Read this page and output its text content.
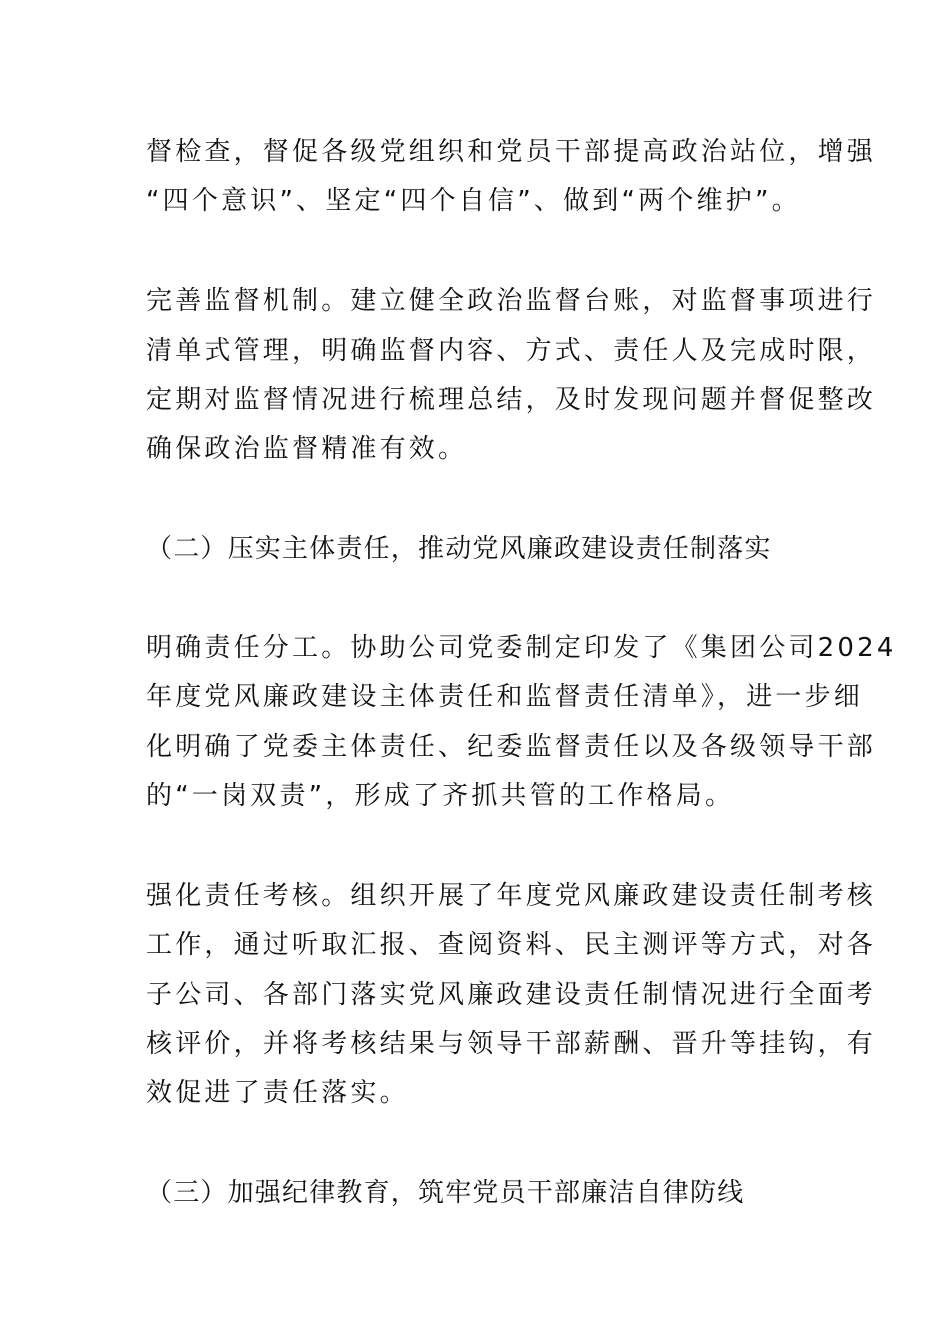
督检查，督促各级党组织和党员干部提高政治站位，增强
“四个意识”、坚定“四个自信”、做到“两个维护”。
完善监督机制。建立健全政治监督台账，对监督事项进行
清单式管理，明确监督内容、方式、责任人及完成时限，
定期对监督情况进行梳理总结，及时发现问题并督促整改
确保政治监督精准有效。
（二）压实主体责任，推动党风廉政建设责任制落实
明确责任分工。协助公司党委制定印发了《集团公司2024
年度党风廉政建设主体责任和监督责任清单》，进一步细
化明确了党委主体责任、纪委监督责任以及各级领导干部
的“一岗双责”，形成了齐抓共管的工作格局。
强化责任考核。组织开展了年度党风廉政建设责任制考核
工作，通过听取汇报、查阅资料、民主测评等方式，对各
子公司、各部门落实党风廉政建设责任制情况进行全面考
核评价，并将考核结果与领导干部薪酬、晋升等挂钩，有
效促进了责任落实。
（三）加强纪律教育，筑牢党员干部廉洁自律防线
